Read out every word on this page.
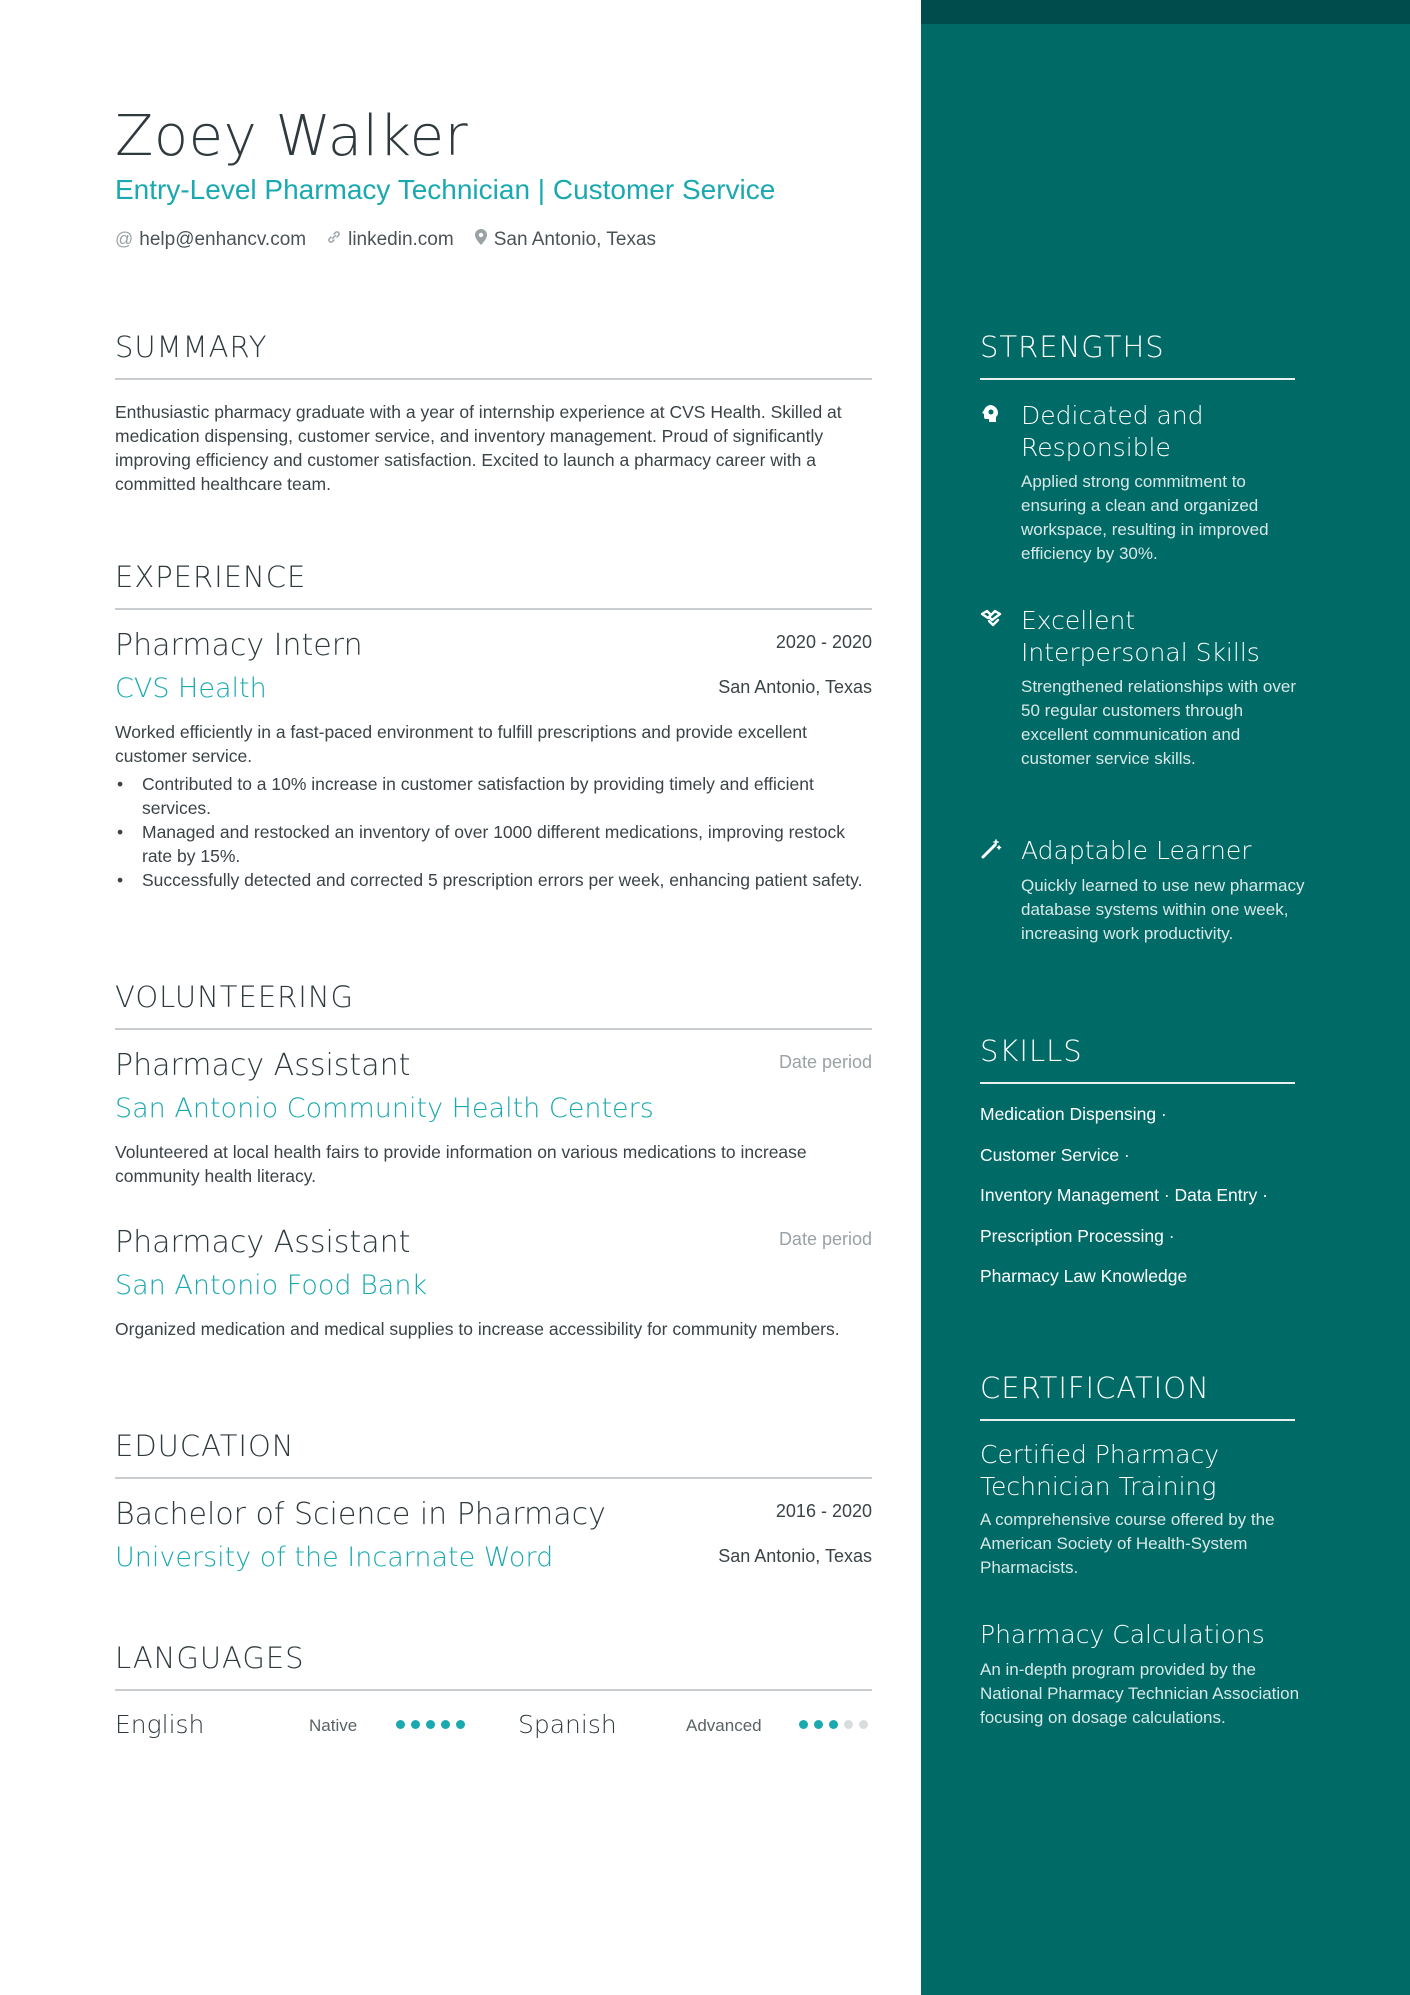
Zoey Walker
Entry-Level Pharmacy Technician | Customer Service
@ help@enhancv.com linkedin.com San Antonio, Texas
SUMMARY
Enthusiastic pharmacy graduate with a year of internship experience at CVS Health. Skilled at medication dispensing, customer service, and inventory management. Proud of significantly improving efficiency and customer satisfaction. Excited to launch a pharmacy career with a committed healthcare team.
EXPERIENCE
Pharmacy Intern	2020 - 2020
CVS Health	San Antonio, Texas
Worked efficiently in a fast-paced environment to fulfill prescriptions and provide excellent customer service.
• Contributed to a 10% increase in customer satisfaction by providing timely and efficient services.
• Managed and restocked an inventory of over 1000 different medications, improving restock rate by 15%.
• Successfully detected and corrected 5 prescription errors per week, enhancing patient safety.
VOLUNTEERING
Pharmacy Assistant	Date period
San Antonio Community Health Centers
Volunteered at local health fairs to provide information on various medications to increase community health literacy.
Pharmacy Assistant	Date period
San Antonio Food Bank
Organized medication and medical supplies to increase accessibility for community members.
EDUCATION
Bachelor of Science in Pharmacy	2016 - 2020
University of the Incarnate Word	San Antonio, Texas
LANGUAGES
English	Native	Spanish	Advanced
STRENGTHS
Dedicated and Responsible
Applied strong commitment to ensuring a clean and organized workspace, resulting in improved efficiency by 30%.
Excellent Interpersonal Skills
Strengthened relationships with over 50 regular customers through excellent communication and customer service skills.
Adaptable Learner
Quickly learned to use new pharmacy database systems within one week, increasing work productivity.
SKILLS
Medication Dispensing ·
Customer Service ·
Inventory Management · Data Entry ·
Prescription Processing ·
Pharmacy Law Knowledge
CERTIFICATION
Certified Pharmacy Technician Training
A comprehensive course offered by the American Society of Health-System Pharmacists.
Pharmacy Calculations
An in-depth program provided by the National Pharmacy Technician Association focusing on dosage calculations.
